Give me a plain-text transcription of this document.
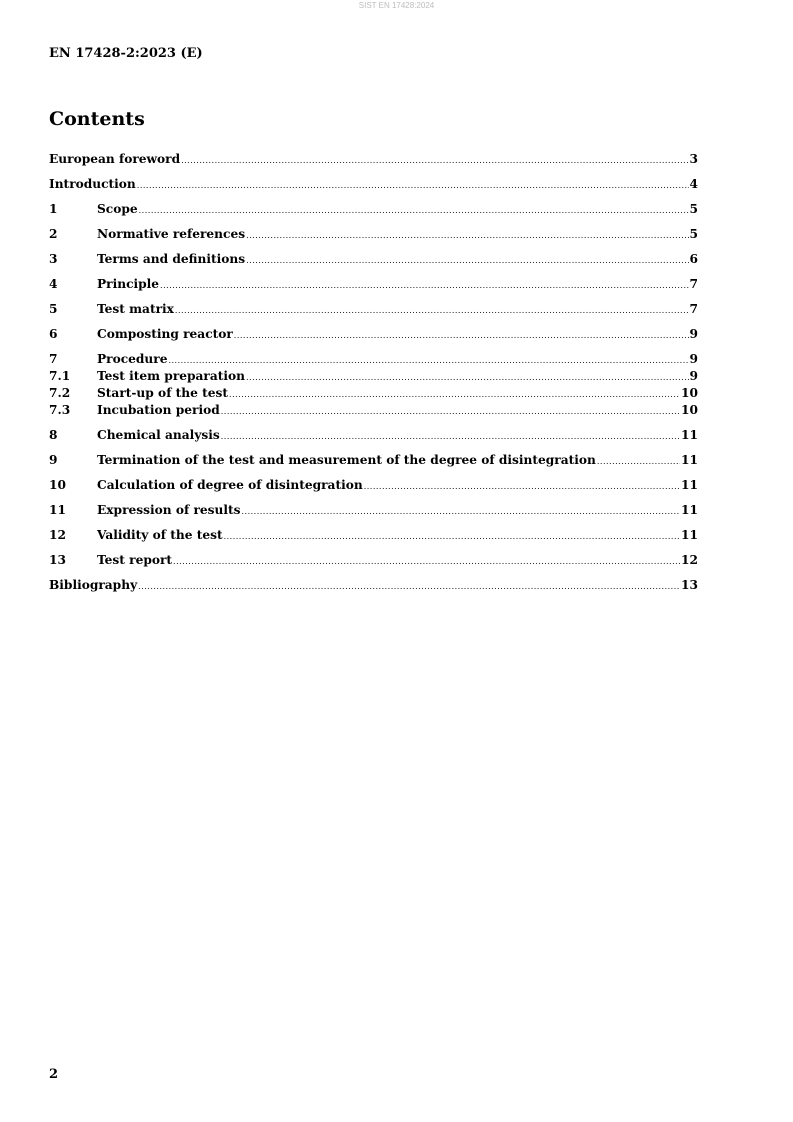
SIST EN 17428:2024
EN 17428-2:2023 (E)
Contents
European foreword .....	3
Introduction .....	4
1	Scope .....	5
2	Normative references .....	5
3	Terms and definitions .....	6
4	Principle .....	7
5	Test matrix .....	7
6	Composting reactor .....	9
7	Procedure .....	9
7.1	Test item preparation .....	9
7.2	Start-up of the test .....	10
7.3	Incubation period .....	10
8	Chemical analysis .....	11
9	Termination of the test and measurement of the degree of disintegration .....	11
10	Calculation of degree of disintegration .....	11
11	Expression of results .....	11
12	Validity of the test .....	11
13	Test report .....	12
Bibliography .....	13
2
